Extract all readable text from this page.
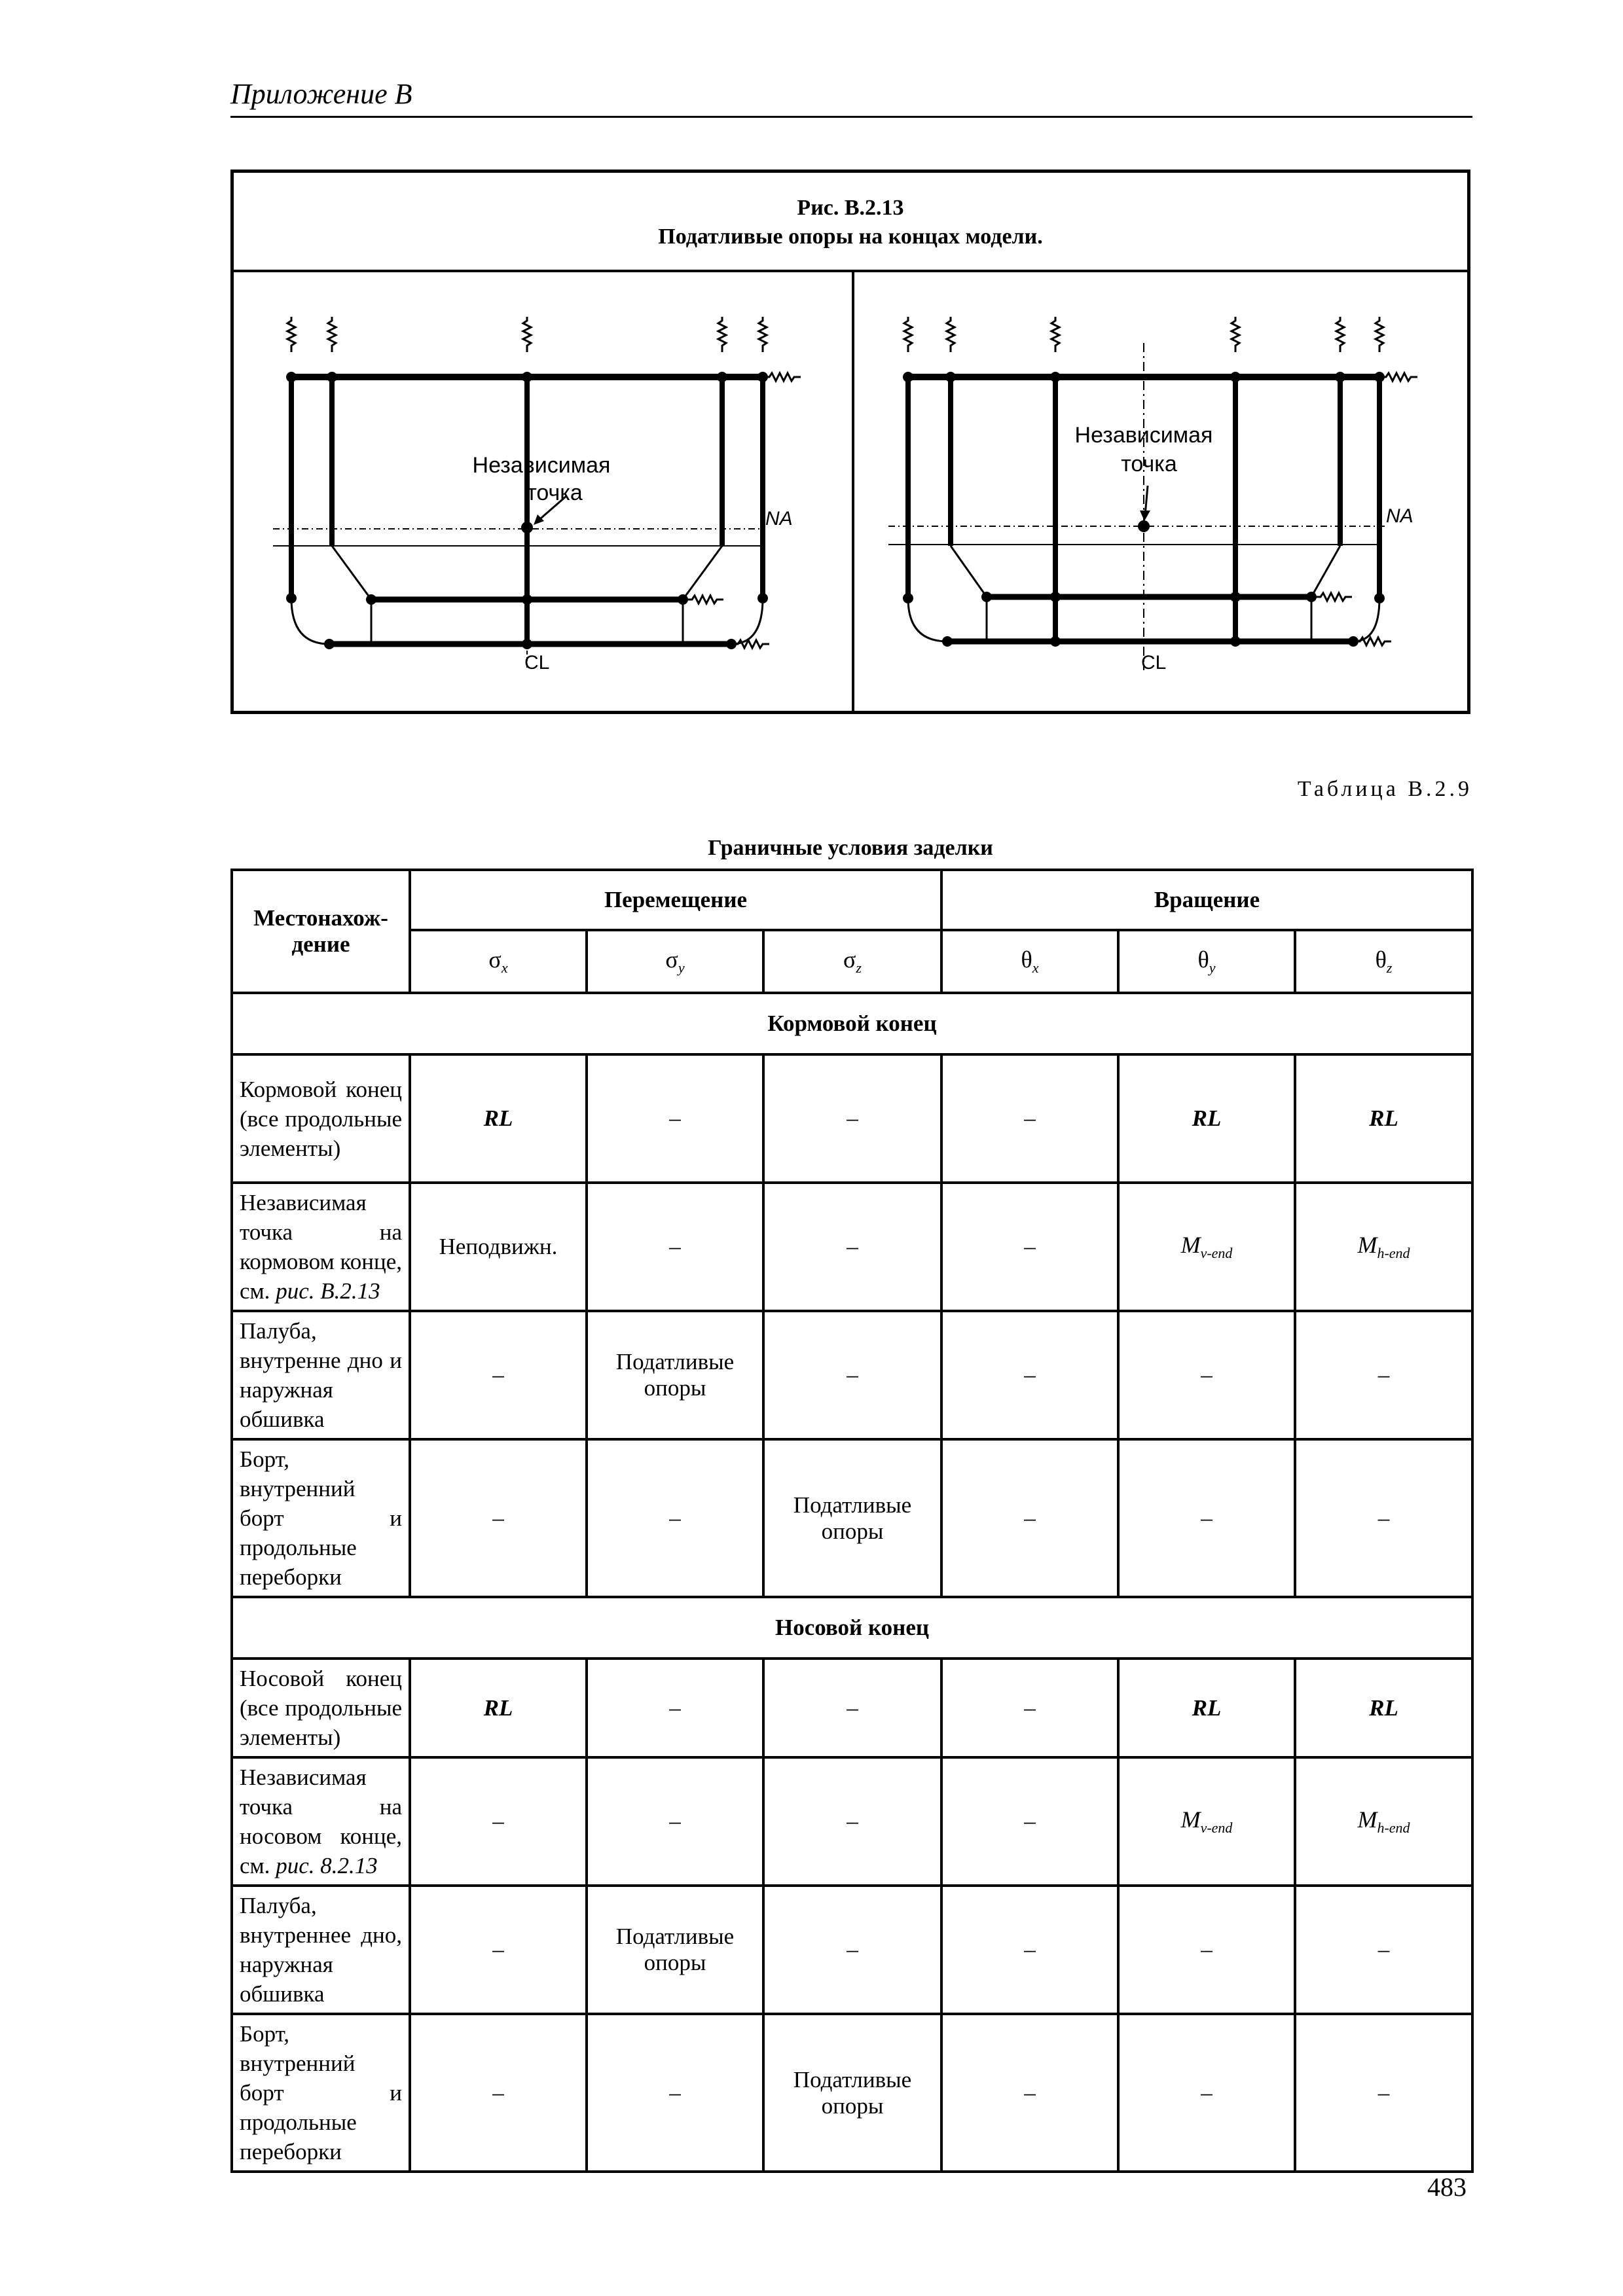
Приложение B
Рис. B.2.13
Податливые опоры на концах модели.
Независимая
точка
NA
CL
Независимая
точка
NA
CL
Таблица B.2.9
Граничные условия заделки
Местонахож-дение	Перемещение			Вращение		
	$\sigma_x$	$\sigma_y$	$\sigma_z$	$\theta_x$	$\theta_y$	$\theta_z$
Кормовой конец						
Кормовой конец (все продольные элементы)	RL	–	–	–	RL	RL
Независимая точка на кормовом конце, см. рис. B.2.13	Неподвижн.	–	–	–	$M_{v-end}$	$M_{h-end}$
Палуба, внутренне дно и наружная обшивка	–	Податливые опоры	–	–	–	–
Борт, внутренний борт и продольные переборки	–	–	Податливые опоры	–	–	–
Носовой конец						
Носовой конец (все продольные элементы)	RL	–	–	–	RL	RL
Независимая точка на носовом конце, см. рис. 8.2.13	–	–	–	–	$M_{v-end}$	$M_{h-end}$
Палуба, внутреннее дно, наружная обшивка	–	Податливые опоры	–	–	–	–
Борт, внутренний борт и продольные переборки	–	–	Податливые опоры	–	–	–
483
